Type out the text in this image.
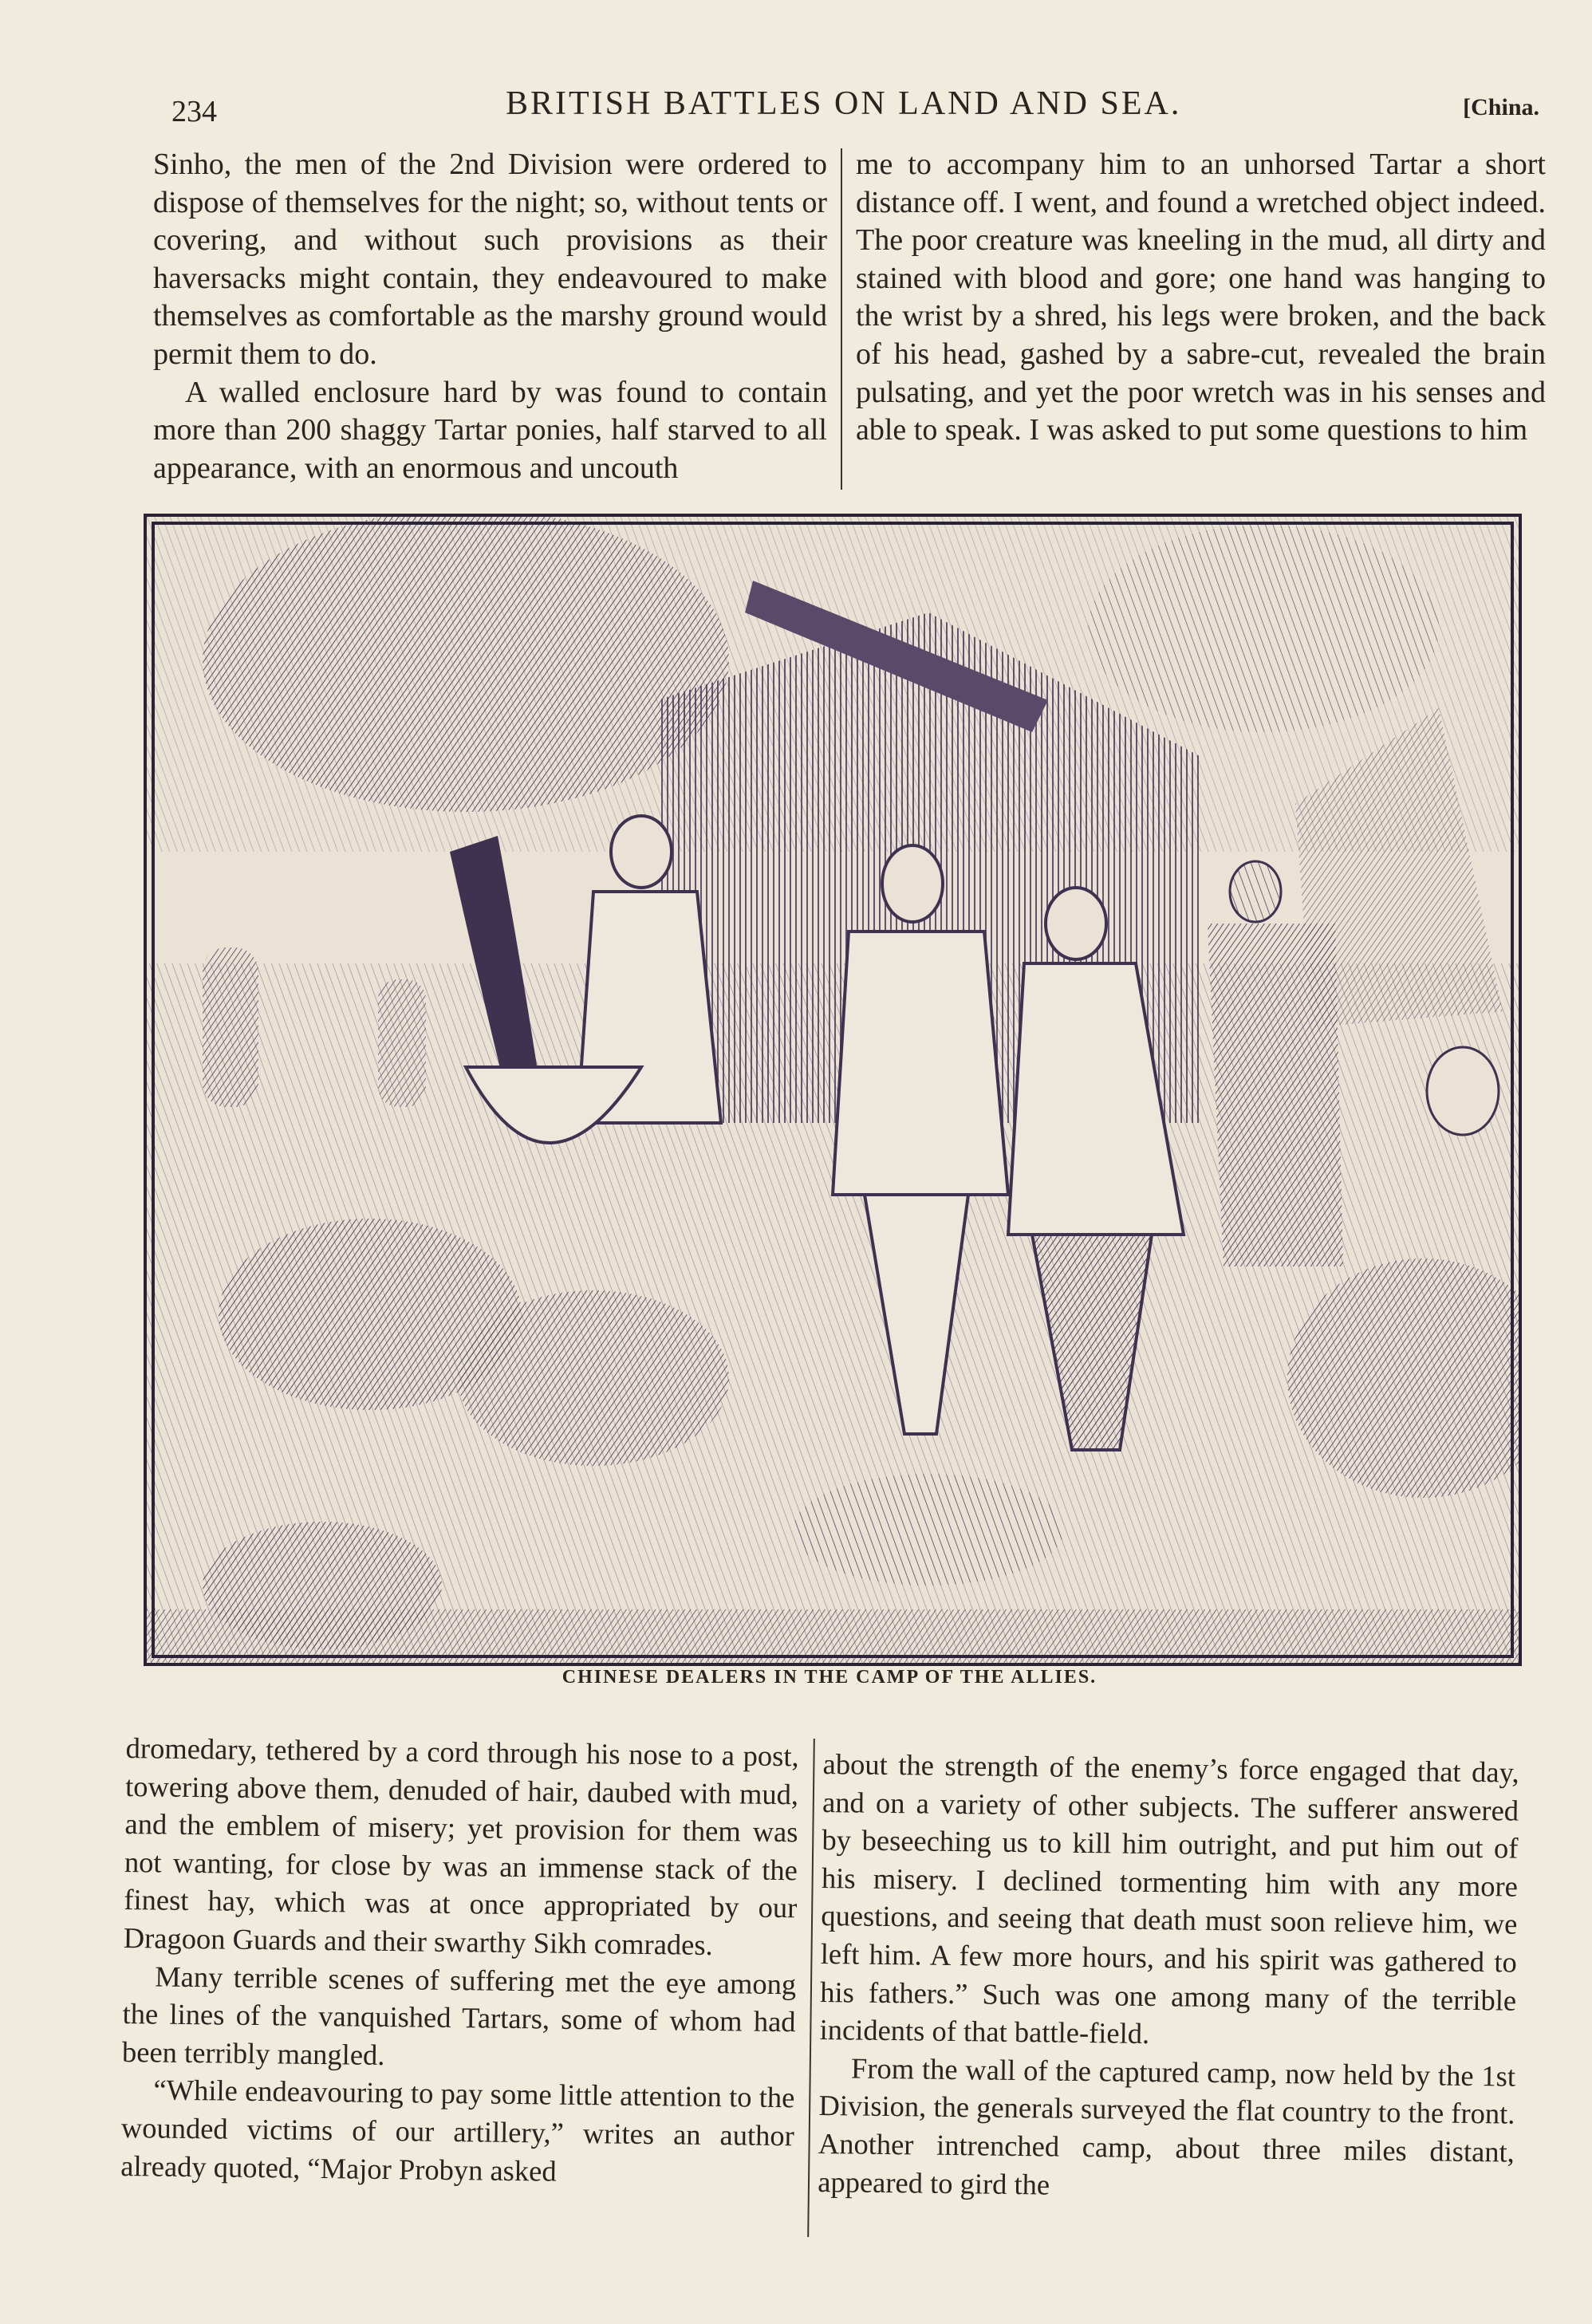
234	BRITISH BATTLES ON LAND AND SEA.	[China.

Sinho, the men of the 2nd Division were ordered to dispose of themselves for the night; so, without tents or covering, and without such provisions as their haversacks might contain, they endeavoured to make themselves as comfortable as the marshy ground would permit them to do.

A walled enclosure hard by was found to contain more than 200 shaggy Tartar ponies, half starved to all appearance, with an enormous and uncouth

me to accompany him to an unhorsed Tartar a short distance off. I went, and found a wretched object indeed. The poor creature was kneeling in the mud, all dirty and stained with blood and gore; one hand was hanging to the wrist by a shred, his legs were broken, and the back of his head, gashed by a sabre-cut, revealed the brain pulsating, and yet the poor wretch was in his senses and able to speak. I was asked to put some questions to him

CHINESE DEALERS IN THE CAMP OF THE ALLIES.

dromedary, tethered by a cord through his nose to a post, towering above them, denuded of hair, daubed with mud, and the emblem of misery; yet provision for them was not wanting, for close by was an immense stack of the finest hay, which was at once appropriated by our Dragoon Guards and their swarthy Sikh comrades.

Many terrible scenes of suffering met the eye among the lines of the vanquished Tartars, some of whom had been terribly mangled.

“While endeavouring to pay some little attention to the wounded victims of our artillery,” writes an author already quoted, “Major Probyn asked

about the strength of the enemy’s force engaged that day, and on a variety of other subjects. The sufferer answered by beseeching us to kill him outright, and put him out of his misery. I declined tormenting him with any more questions, and seeing that death must soon relieve him, we left him. A few more hours, and his spirit was gathered to his fathers.” Such was one among many of the terrible incidents of that battle-field.

From the wall of the captured camp, now held by the 1st Division, the generals surveyed the flat country to the front. Another intrenched camp, about three miles distant, appeared to gird the
